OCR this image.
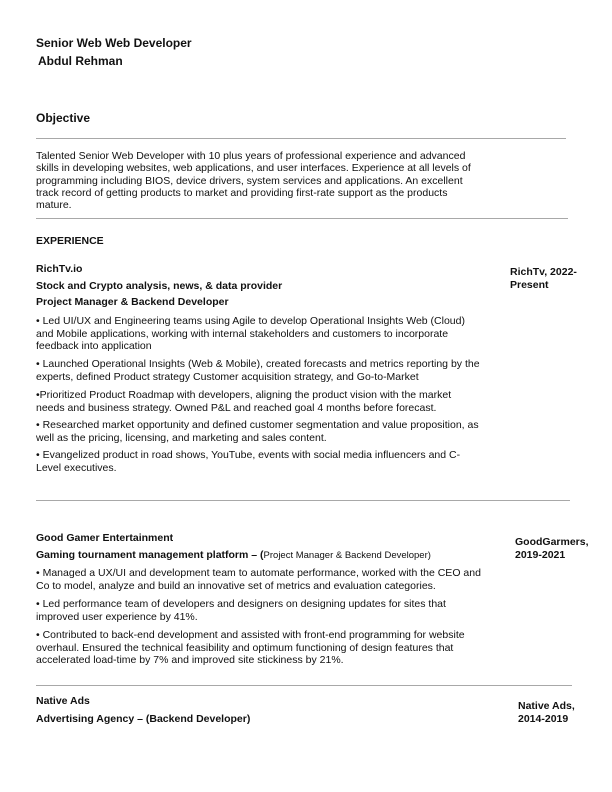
Senior Web Web Developer
Abdul Rehman
Objective
Talented Senior Web Developer with 10 plus years of professional experience and advanced skills in developing websites, web applications, and user interfaces. Experience at all levels of programming including BIOS, device drivers, system services and applications. An excellent track record of getting products to market and providing first-rate support as the products mature.
EXPERIENCE
RichTv.io
Stock and Crypto analysis, news, & data provider
Project Manager & Backend Developer
RichTv, 2022-
Present
• Led UI/UX and Engineering teams using Agile to develop Operational Insights Web (Cloud) and Mobile applications, working with internal stakeholders and customers to incorporate feedback into application
• Launched Operational Insights (Web & Mobile), created forecasts and metrics reporting by the experts, defined Product strategy Customer acquisition strategy, and Go-to-Market
•Prioritized Product Roadmap with developers, aligning the product vision with the market needs and business strategy. Owned P&L and reached goal 4 months before forecast.
• Researched market opportunity and defined customer segmentation and value proposition, as well as the pricing, licensing, and marketing and sales content.
• Evangelized product in road shows, YouTube, events with social media influencers and C-Level executives.
Good Gamer Entertainment
Gaming tournament management platform – (Project Manager & Backend Developer)
GoodGarmers,
2019-2021
• Managed a UX/UI and development team to automate performance, worked with the CEO and Co to model, analyze and build an innovative set of metrics and evaluation categories.
• Led performance team of developers and designers on designing updates for sites that improved user experience by 41%.
• Contributed to back-end development and assisted with front-end programming for website overhaul. Ensured the technical feasibility and optimum functioning of design features that accelerated load-time by 7% and improved site stickiness by 21%.
Native Ads
Advertising Agency – (Backend Developer)
Native Ads,
2014-2019
